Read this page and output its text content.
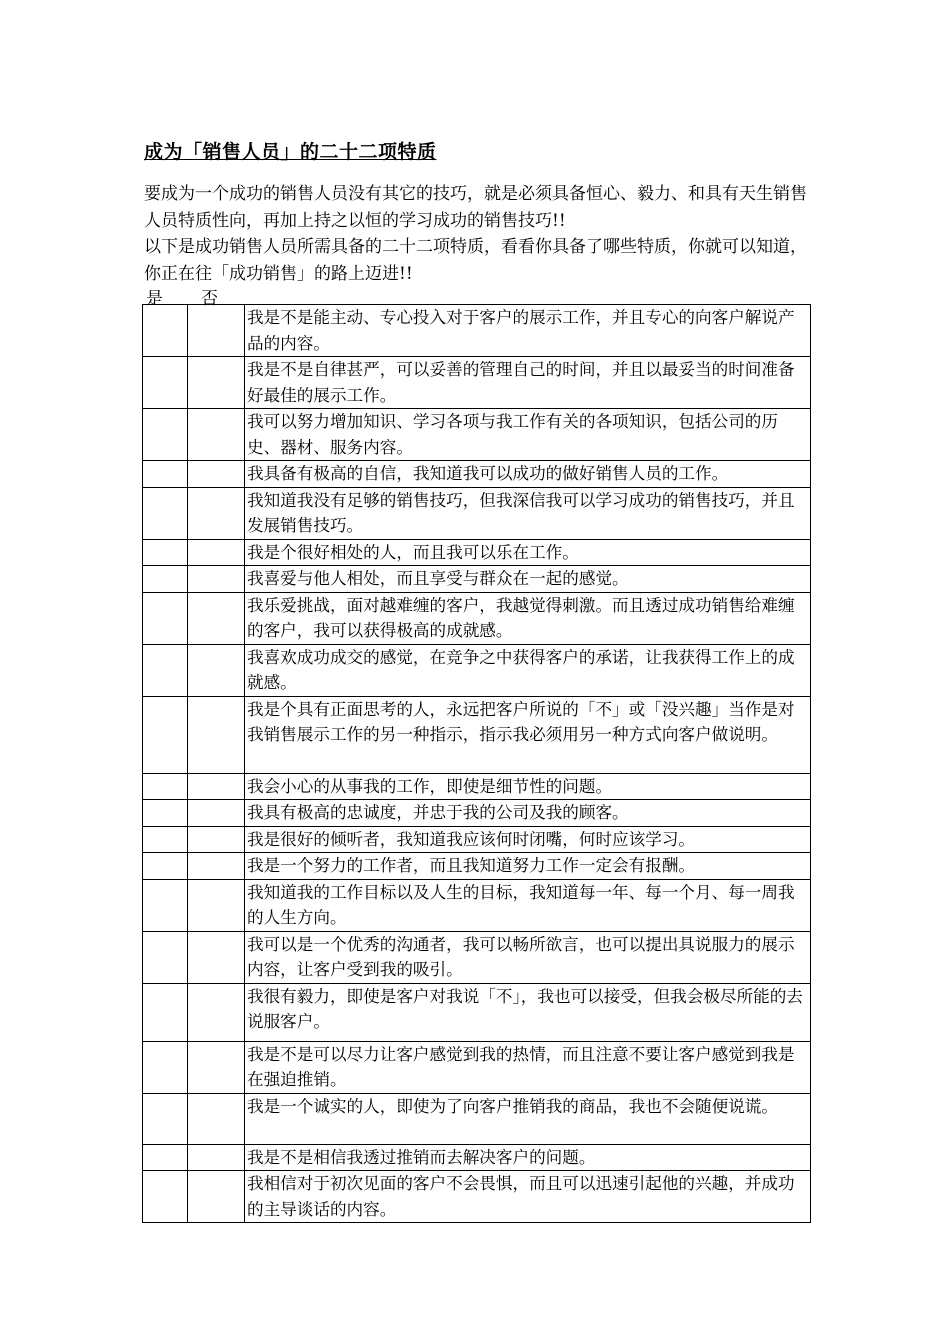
成为「销售人员」的二十二项特质

要成为一个成功的销售人员没有其它的技巧，就是必须具备恒心、毅力、和具有天生销售人员特质性向，再加上持之以恒的学习成功的销售技巧!!

以下是成功销售人员所需具备的二十二项特质，看看你具备了哪些特质，你就可以知道，你正在往「成功销售」的路上迈进!!

是 否
		我是不是能主动、专心投入对于客户的展示工作，并且专心的向客户解说产品的内容。
		我是不是自律甚严，可以妥善的管理自己的时间，并且以最妥当的时间准备好最佳的展示工作。
		我可以努力增加知识、学习各项与我工作有关的各项知识，包括公司的历史、器材、服务内容。
		我具备有极高的自信，我知道我可以成功的做好销售人员的工作。
		我知道我没有足够的销售技巧，但我深信我可以学习成功的销售技巧，并且发展销售技巧。
		我是个很好相处的人，而且我可以乐在工作。
		我喜爱与他人相处，而且享受与群众在一起的感觉。
		我乐爱挑战，面对越难缠的客户，我越觉得刺激。而且透过成功销售给难缠的客户，我可以获得极高的成就感。
		我喜欢成功成交的感觉，在竞争之中获得客户的承诺，让我获得工作上的成就感。
		我是个具有正面思考的人，永远把客户所说的「不」或「没兴趣」当作是对我销售展示工作的另一种指示，指示我必须用另一种方式向客户做说明。
		我会小心的从事我的工作，即使是细节性的问题。
		我具有极高的忠诚度，并忠于我的公司及我的顾客。
		我是很好的倾听者，我知道我应该何时闭嘴，何时应该学习。
		我是一个努力的工作者，而且我知道努力工作一定会有报酬。
		我知道我的工作目标以及人生的目标，我知道每一年、每一个月、每一周我的人生方向。
		我可以是一个优秀的沟通者，我可以畅所欲言，也可以提出具说服力的展示内容，让客户受到我的吸引。
		我很有毅力，即使是客户对我说「不」，我也可以接受，但我会极尽所能的去说服客户。
		我是不是可以尽力让客户感觉到我的热情，而且注意不要让客户感觉到我是在强迫推销。
		我是一个诚实的人，即使为了向客户推销我的商品，我也不会随便说谎。
		我是不是相信我透过推销而去解决客户的问题。
		我相信对于初次见面的客户不会畏惧，而且可以迅速引起他的兴趣，并成功的主导谈话的内容。
